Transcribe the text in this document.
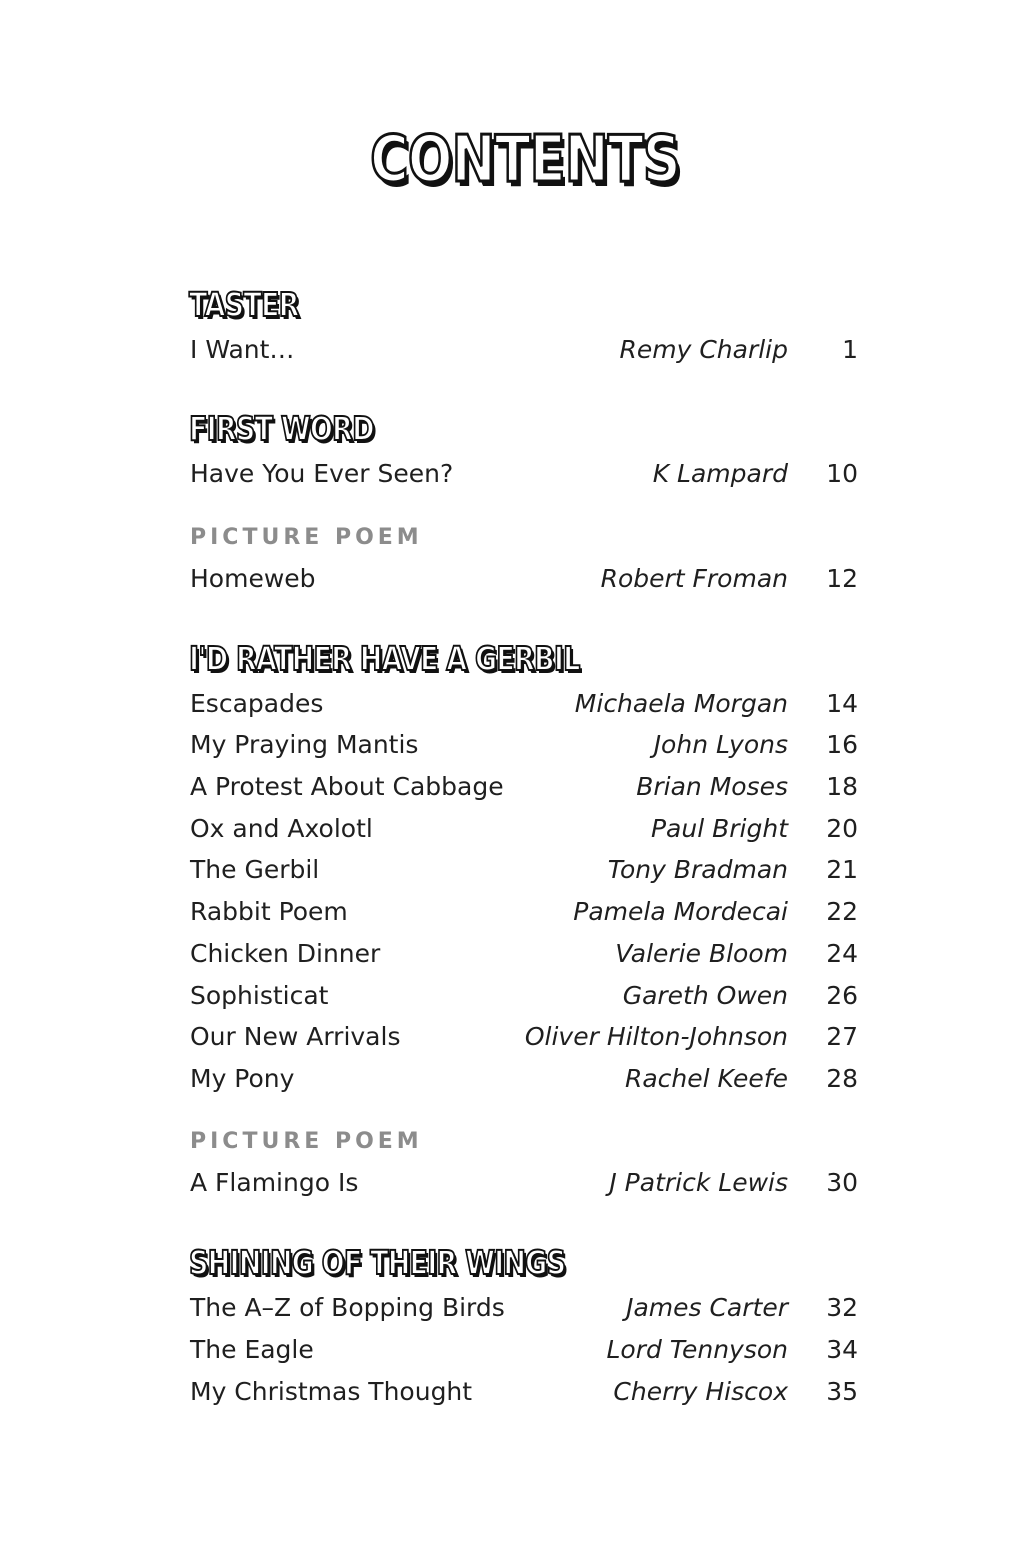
CONTENTS
TASTER
I Want…	Remy Charlip 1
FIRST WORD
Have You Ever Seen?	K Lampard 10
PICTURE POEM
Homeweb	Robert Froman 12
I'D RATHER HAVE A GERBIL
Escapades	Michaela Morgan 14
My Praying Mantis	John Lyons 16
A Protest About Cabbage	Brian Moses 18
Ox and Axolotl	Paul Bright 20
The Gerbil	Tony Bradman 21
Rabbit Poem	Pamela Mordecai 22
Chicken Dinner	Valerie Bloom 24
Sophisticat	Gareth Owen 26
Our New Arrivals	Oliver Hilton-Johnson 27
My Pony	Rachel Keefe 28
PICTURE POEM
A Flamingo Is	J Patrick Lewis 30
SHINING OF THEIR WINGS
The A–Z of Bopping Birds	James Carter 32
The Eagle	Lord Tennyson 34
My Christmas Thought	Cherry Hiscox 35
